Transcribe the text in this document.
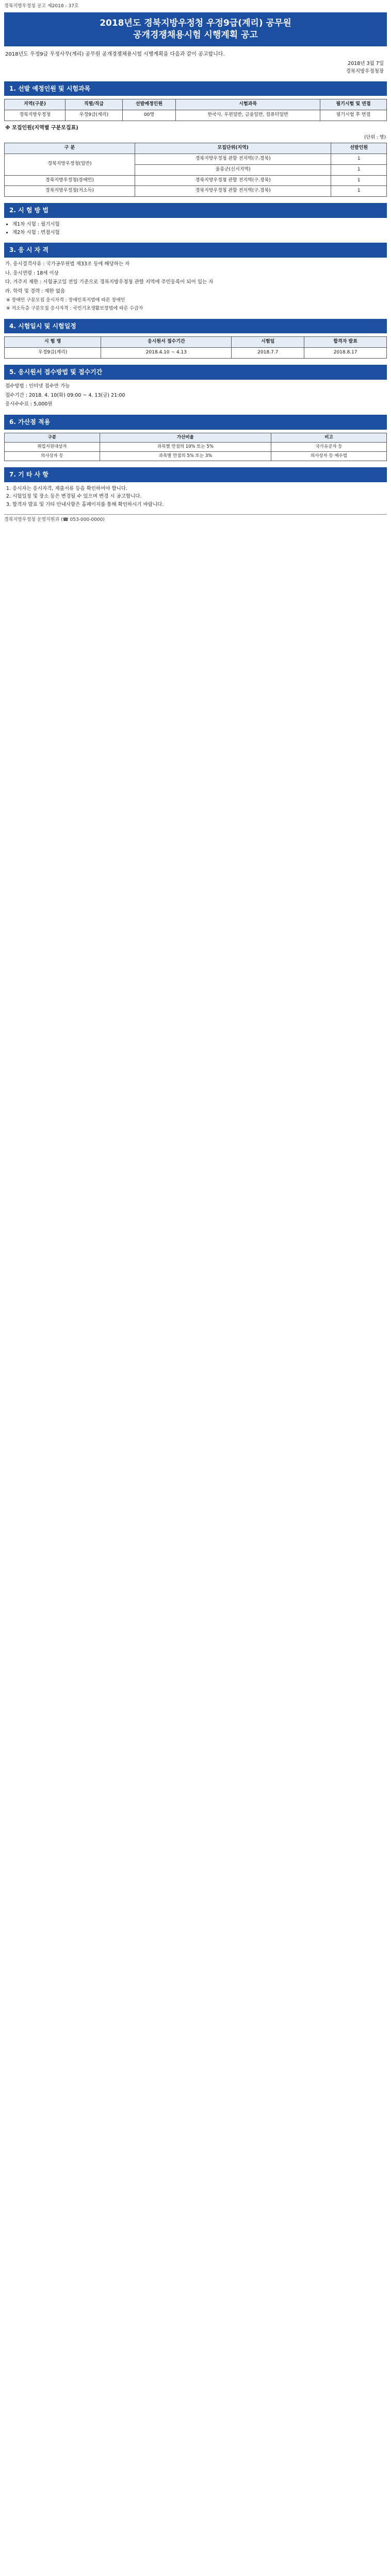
경북지방우정청 공고 제2018 - 37호
2018년도 경북지방우정청 우정9급(계리) 공무원
공개경쟁채용시험 시행계획 공고
2018년도 우정9급 우정사무(계리) 공무원 공개경쟁채용시험 시행계획을 다음과 같이 공고합니다.
2018년 3월 7일
경북지방우정청장
1. 선발 예정인원 및 시험과목
지역(구분)	직렬/직급	선발예정인원	시험과목	필기시험 및 면접
경북지방우정청	우정9급(계리)	00명	한국사, 우편일반, 금융일반, 컴퓨터일반	필기시험 후 면접
※ 모집인원(지역별 구분모집표)
(단위 : 명)
구 분	모집단위(지역)	선발인원
경북지방우정청(일반)	경북지방우정청 관할 전지역(구.경북)	1
	울릉군(신서지역)	1
경북지방우정청(장애인)	경북지방우정청 관할 전지역(구.경북)	1
경북지방우정청(저소득)	경북지방우정청 관할 전지역(구.경북)	1
2. 시 험 방 법
• 제1차 시험 : 필기시험
• 제2차 시험 : 면접시험
3. 응 시 자 격
가. 응시결격사유 : 국가공무원법 제33조 등에 해당하는 자
나. 응시연령 : 18세 이상
다. 거주지 제한 : 시험공고일 전일 기준으로 경북지방우정청 관할 지역에 주민등록이 되어 있는 자
라. 학력 및 경력 : 제한 없음
※ 장애인 구분모집 응시자격 : 장애인복지법에 따른 장애인
※ 저소득층 구분모집 응시자격 : 국민기초생활보장법에 따른 수급자
4. 시험일시 및 시험일정
시 험 명	응시원서 접수기간	시험일	합격자 발표
우정9급(계리)	2018.4.10 ~ 4.13	2018.7.7	2018.8.17
5. 응시원서 접수방법 및 접수기간
접수방법 : 인터넷 접수만 가능
접수기간 : 2018. 4. 10(화) 09:00 ~ 4. 13(금) 21:00
응시수수료 : 5,000원
6. 가산점 적용
구분	가산비율	비고
취업지원대상자	과목별 만점의 10% 또는 5%	국가유공자 등
의사상자 등	과목별 만점의 5% 또는 3%	의사상자 등 예우법
7. 기 타 사 항
1. 응시자는 응시자격, 제출서류 등을 확인하여야 합니다.
2. 시험일정 및 장소 등은 변경될 수 있으며 변경 시 공고합니다.
3. 합격자 발표 및 기타 안내사항은 홈페이지를 통해 확인하시기 바랍니다.
경북지방우정청 운영지원과 (☎ 053-000-0000)
